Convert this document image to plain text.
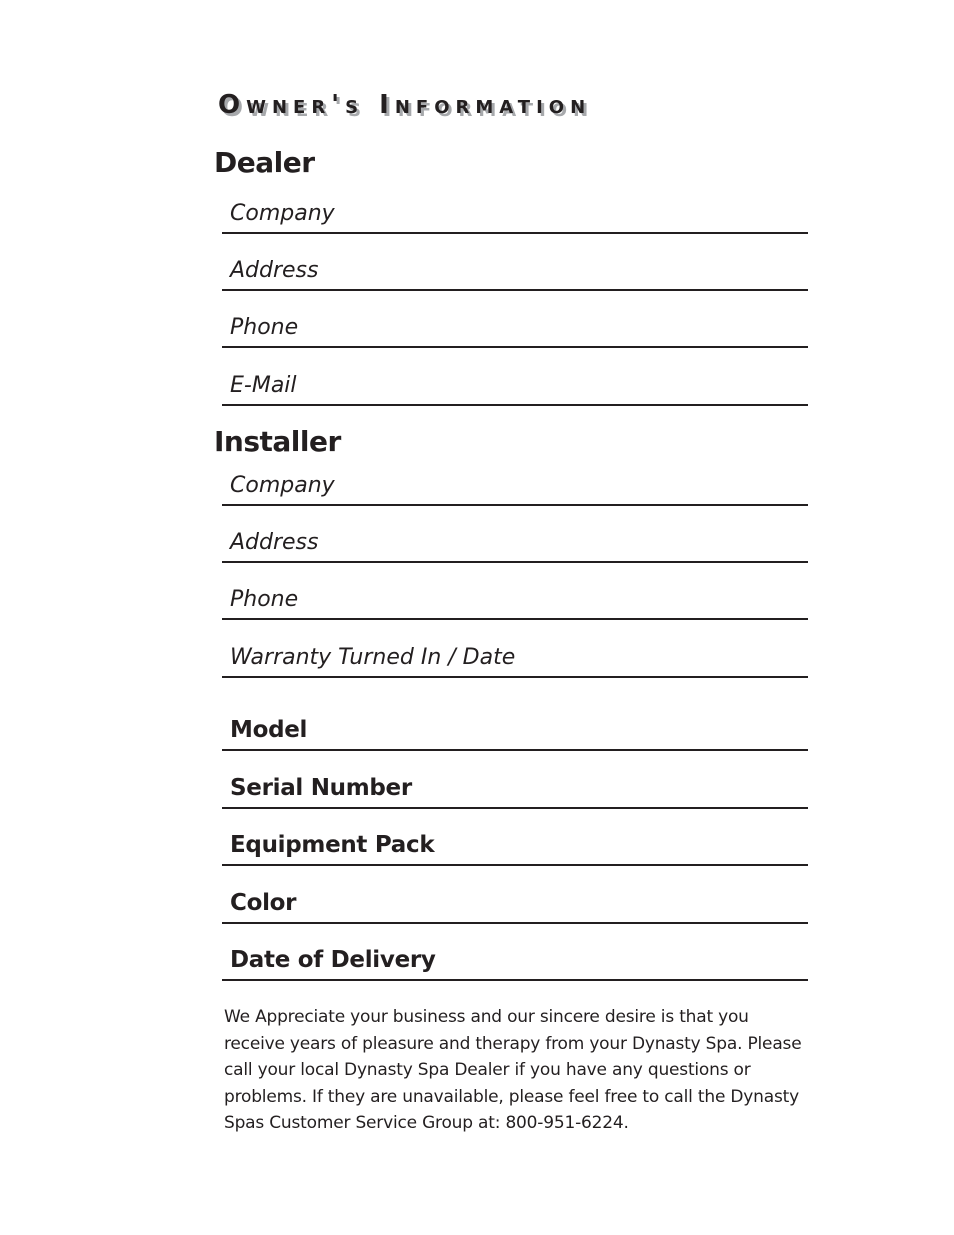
Owner's Information
Dealer
Company
Address
Phone
E-Mail
Installer
Company
Address
Phone
Warranty Turned In / Date
Model
Serial Number
Equipment Pack
Color
Date of Delivery

We Appreciate your business and our sincere desire is that you receive years of pleasure and therapy from your Dynasty Spa. Please call your local Dynasty Spa Dealer if you have any questions or problems. If they are unavailable, please feel free to call the Dynasty Spas Customer Service Group at: 800-951-6224.
